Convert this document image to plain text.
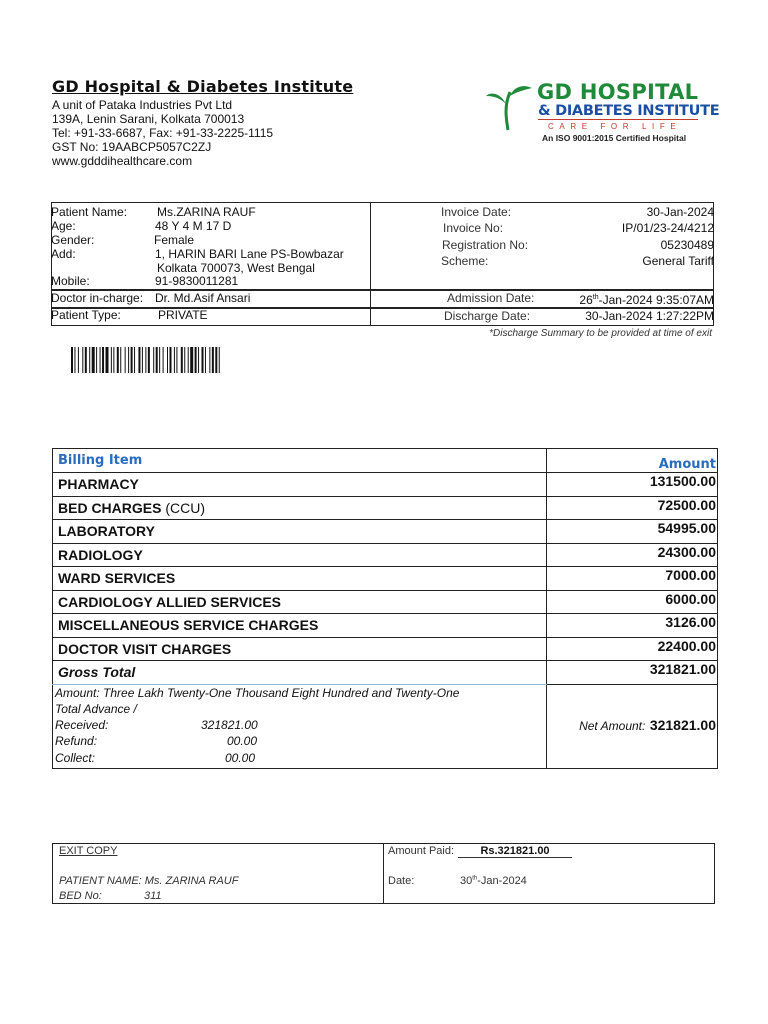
GD Hospital & Diabetes Institute
A unit of Pataka Industries Pvt Ltd
139A, Lenin Sarani, Kolkata 700013
Tel: +91-33-6687, Fax: +91-33-2225-1115
GST No: 19AABCP5057C2ZJ
www.gdddihealthcare.com
GD HOSPITAL
& DIABETES INSTITUTE
CARE FOR LIFE
An ISO 9001:2015 Certified Hospital
Patient Name: Ms.ZARINA RAUF
Age:	48 Y 4 M 17 D
Gender:	Female
Add:	1, HARIN BARI Lane PS-Bowbazar
Kolkata 700073, West Bengal
Mobile:	91-9830011281
Doctor in-charge: Dr. Md.Asif Ansari
Patient Type:	PRIVATE
Invoice Date:	30-Jan-2024
Invoice No:	IP/01/23-24/4212
Registration No:	05230489
Scheme:	General Tariff
Admission Date:	26th-Jan-2024 9:35:07AM
Discharge Date:	30-Jan-2024 1:27:22PM
*Discharge Summary to be provided at time of exit
Billing Item	Amount
PHARMACY	131500.00
BED CHARGES (CCU)	72500.00
LABORATORY	54995.00
RADIOLOGY	24300.00
WARD SERVICES	7000.00
CARDIOLOGY ALLIED SERVICES	6000.00
MISCELLANEOUS SERVICE CHARGES	3126.00
DOCTOR VISIT CHARGES	22400.00
Gross Total	321821.00

Amount: Three Lakh Twenty-One Thousand Eight Hundred and Twenty-One
Total Advance /
Received: 321821.00
Refund: 00.00
Collect: 00.00	Net Amount: 321821.00
EXIT COPY
PATIENT NAME: Ms. ZARINA RAUF
BED No:	311
Amount Paid:	Rs.321821.00
Date:	30th-Jan-2024
